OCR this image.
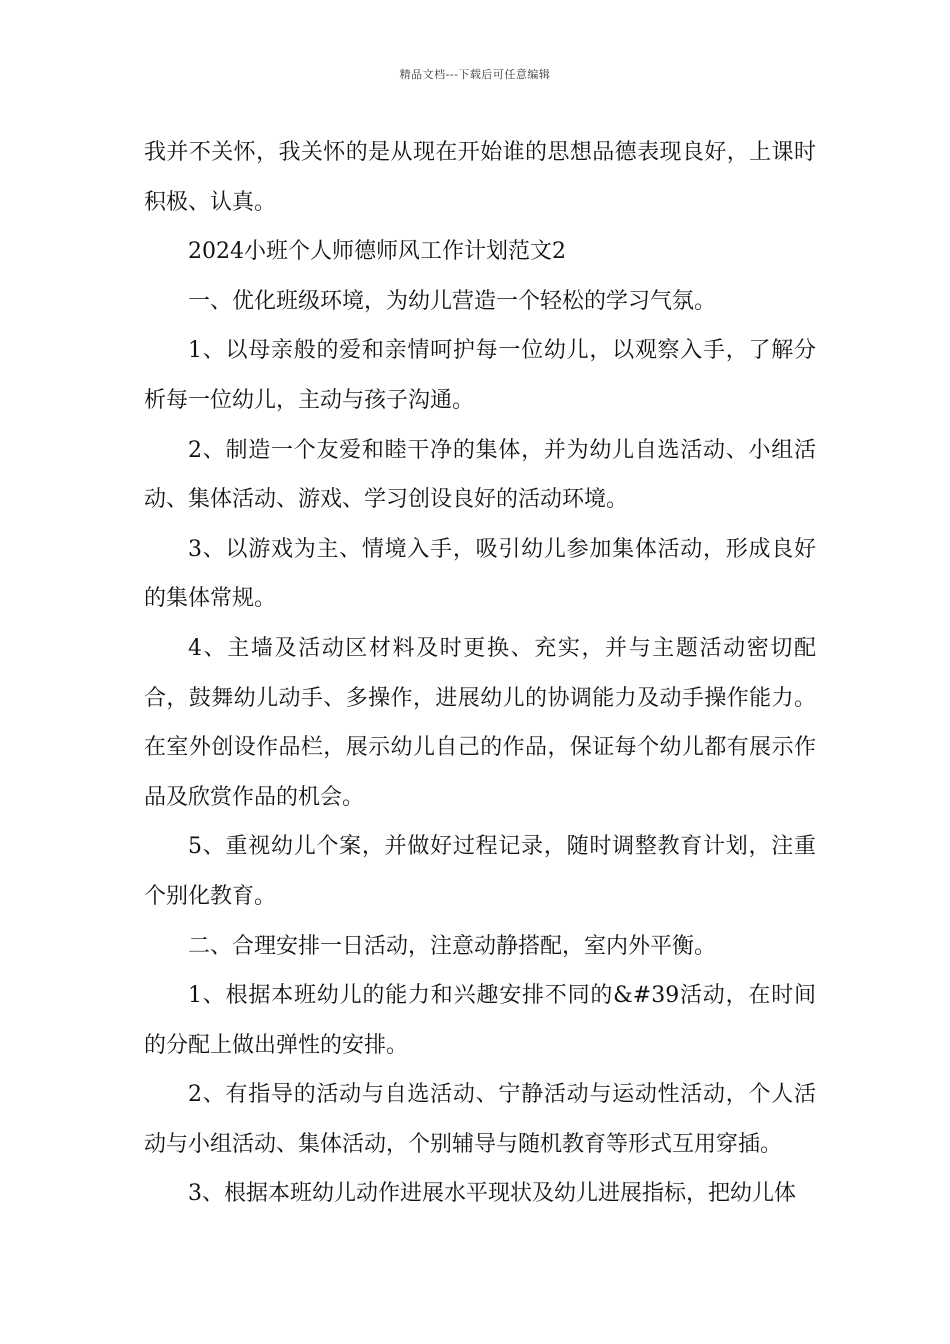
精品文档---下载后可任意编辑

我并不关怀，我关怀的是从现在开始谁的思想品德表现良好，上课时积极、认真。

2024小班个人师德师风工作计划范文2

一、优化班级环境，为幼儿营造一个轻松的学习气氛。

1、以母亲般的爱和亲情呵护每一位幼儿，以观察入手，了解分析每一位幼儿，主动与孩子沟通。

2、制造一个友爱和睦干净的集体，并为幼儿自选活动、小组活动、集体活动、游戏、学习创设良好的活动环境。

3、以游戏为主、情境入手，吸引幼儿参加集体活动，形成良好的集体常规。

4、主墙及活动区材料及时更换、充实，并与主题活动密切配合，鼓舞幼儿动手、多操作，进展幼儿的协调能力及动手操作能力。在室外创设作品栏，展示幼儿自己的作品，保证每个幼儿都有展示作品及欣赏作品的机会。

5、重视幼儿个案，并做好过程记录，随时调整教育计划，注重个别化教育。

二、合理安排一日活动，注意动静搭配，室内外平衡。

1、根据本班幼儿的能力和兴趣安排不同的&#39活动，在时间的分配上做出弹性的安排。

2、有指导的活动与自选活动、宁静活动与运动性活动，个人活动与小组活动、集体活动，个别辅导与随机教育等形式互用穿插。

3、根据本班幼儿动作进展水平现状及幼儿进展指标，把幼儿体
